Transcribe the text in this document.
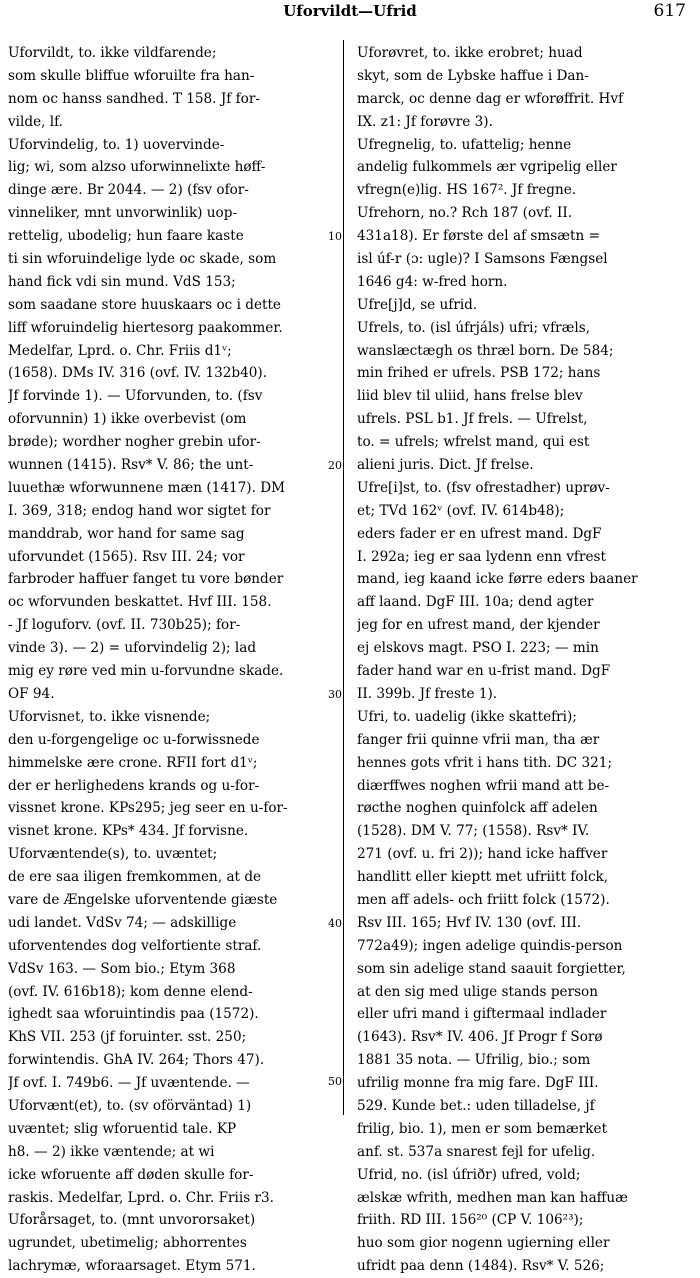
Uforvildt—Ufrid	617
Uforvildt, to. ikke vildfarende;
som skulle bliffue wforuilte fra han-
nom oc hanss sandhed. T 158. Jf for-
vilde, lf.
Uforvindelig, to. 1) uovervinde-
lig; wi, som alzso uforwinnelixte høff-
dinge ære. Br 2044. — 2) (fsv ofor-
vinneliker, mnt unvorwinlik) uop-
rettelig, ubodelig; hun faare kaste
ti sin wforuindelige lyde oc skade, som
hand fick vdi sin mund. VdS 153;
som saadane store huuskaars oc i dette
liff wforuindelig hiertesorg paakommer.
Medelfar, Lprd. o. Chr. Friis d1ᵛ;
(1658). DMs IV. 316 (ovf. IV. 132b40).
Jf forvinde 1). — Uforvunden, to. (fsv
oforvunnin) 1) ikke overbevist (om
brøde); wordher nogher grebin ufor-
wunnen (1415). Rsv* V. 86; the unt-
luuethæ wforwunnene mæn (1417). DM
I. 369, 318; endog hand wor sigtet for
manddrab, wor hand for same sag
uforvundet (1565). Rsv III. 24; vor
farbroder haffuer fanget tu vore bønder
oc wforvunden beskattet. Hvf III. 158.
- Jf loguforv. (ovf. II. 730b25); for-
vinde 3). — 2) = uforvindelig 2); lad
mig ey røre ved min u-forvundne skade.
OF 94.
Uforvisnet, to. ikke visnende;
den u-forgengelige oc u-forwissnede
himmelske ære crone. RFII fort d1ᵛ;
der er herlighedens krands og u-for-
vissnet krone. KPs295; jeg seer en u-for-
visnet krone. KPs* 434. Jf forvisne.
Uforvæntende(s), to. uvæntet;
de ere saa iligen fremkommen, at de
vare de Ængelske uforventende giæste
udi landet. VdSv 74; — adskillige
uforventendes dog velfortiente straf.
VdSv 163. — Som bio.; Etym 368
(ovf. IV. 616b18); kom denne elend-
ighedt saa wforuintindis paa (1572).
KhS VII. 253 (jf foruinter. sst. 250;
forwintendis. GhA IV. 264; Thors 47).
Jf ovf. I. 749b6. — Jf uvæntende. —
Uforvænt(et), to. (sv oförväntad) 1)
uvæntet; slig wforuentid tale. KP
h8. — 2) ikke væntende; at wi
icke wforuente aff døden skulle for-
raskis. Medelfar, Lprd. o. Chr. Friis r3.
Uforårsaget, to. (mnt unvororsaket)
ugrundet, ubetimelig; abhorrentes
lachrymæ, wforaarsaget. Etym 571.
Uforøvret, to. ikke erobret; huad
skyt, som de Lybske haffue i Dan-
marck, oc denne dag er wforøffrit. Hvf
IX. z1: Jf forøvre 3).
Ufregnelig, to. ufattelig; henne
andelig fulkommels ær vgripelig eller
vfregn(e)lig. HS 167². Jf fregne.
Ufrehorn, no.? Rch 187 (ovf. II.
431a18). Er første del af smsætn =
isl úf-r (ɔ: ugle)? I Samsons Fængsel
1646 g4: w-fred horn.
Ufre[j]d, se ufrid.
Ufrels, to. (isl úfrjáls) ufri; vfræls,
wanslæctægh os thræl born. De 584;
min frihed er ufrels. PSB 172; hans
liid blev til uliid, hans frelse blev
ufrels. PSL b1. Jf frels. — Ufrelst,
to. = ufrels; wfrelst mand, qui est
alieni juris. Dict. Jf frelse.
Ufre[i]st, to. (fsv ofrestadher) uprøv-
et; TVd 162ᵛ (ovf. IV. 614b48);
eders fader er en ufrest mand. DgF
I. 292a; ieg er saa lydenn enn vfrest
mand, ieg kaand icke førre eders baaner
aff laand. DgF III. 10a; dend agter
jeg for en ufrest mand, der kjender
ej elskovs magt. PSO I. 223; — min
fader hand war en u-frist mand. DgF
II. 399b. Jf freste 1).
Ufri, to. uadelig (ikke skattefri);
fanger frii quinne vfrii man, tha ær
hennes gots vfrit i hans tith. DC 321;
diærffwes noghen wfrii mand att be-
røcthe noghen quinfolck aff adelen
(1528). DM V. 77; (1558). Rsv* IV.
271 (ovf. u. fri 2)); hand icke haffver
handlitt eller kieptt met ufriitt folck,
men aff adels- och friitt folck (1572).
Rsv III. 165; Hvf IV. 130 (ovf. III.
772a49); ingen adelige quindis-person
som sin adelige stand saauit forgietter,
at den sig med ulige stands person
eller ufri mand i giftermaal indlader
(1643). Rsv* IV. 406. Jf Progr f Sorø
1881 35 nota. — Ufrilig, bio.; som
ufrilig monne fra mig fare. DgF III.
529. Kunde bet.: uden tilladelse, jf
frilig, bio. 1), men er som bemærket
anf. st. 537a snarest fejl for ufelig.
Ufrid, no. (isl úfriðr) ufred, vold;
ælskæ wfrith, medhen man kan haffuæ
friith. RD III. 156²⁰ (CP V. 106²³);
huo som gior nogenn ugierning eller
ufridt paa denn (1484). Rsv* V. 526;
10
20
30
40
50
